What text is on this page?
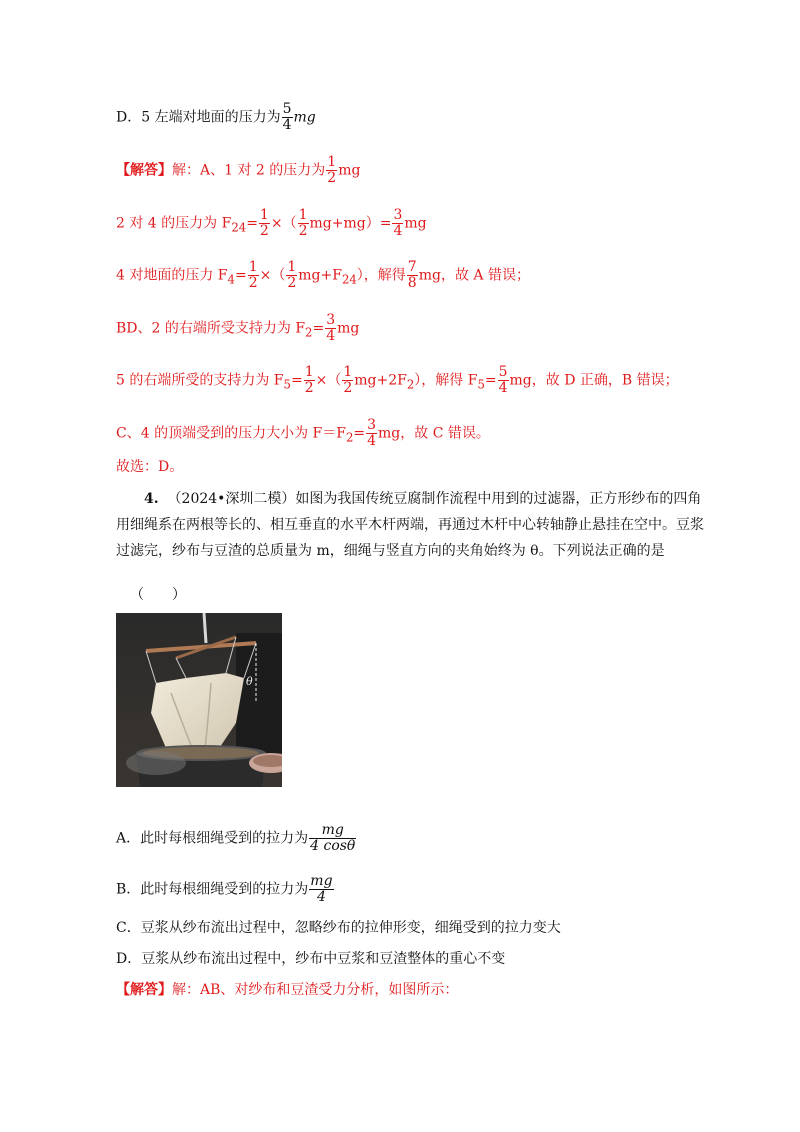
D．5 左端对地面的压力为 $\frac{5}{4}$ mg
【解答】解：A、1 对 2 的压力为 $\frac{1}{2}$ mg
2 对 4 的压力为 $F_{24}= \frac{1}{2}$ ×（ $\frac{1}{2} mg+mg)= \frac{3}{4}$ mg
4 对地面的压力 $F_4= \frac{1}{2}$ ×（ $\frac{1}{2} mg+F_{24}$），解得 $\frac{7}{8}$ mg，故 A 错误；
BD、2 的右端所受支持力为 $F_2= \frac{3}{4}$ mg
5 的右端所受的支持力为 $F_5= \frac{1}{2}$ ×（ $\frac{1}{2} mg+2F_2$），解得 $F_5= \frac{5}{4}$ mg，故 D 正确，B 错误；
C、4 的顶端受到的压力大小为 $F=F_2= \frac{3}{4}$ mg，故 C 错误。
故选：D。
4. （2024•深圳二模）如图为我国传统豆腐制作流程中用到的过滤器，正方形纱布的四角用细绳系在两根等长的、相互垂直的水平木杆两端，再通过木杆中心转轴静止悬挂在空中。豆浆过滤完，纱布与豆渣的总质量为 m，细绳与竖直方向的夹角始终为 θ。下列说法正确的是
（　　）
θ
A．此时每根细绳受到的拉力为 $\frac{mg}{4 \cos\theta}$
B．此时每根细绳受到的拉力为 $\frac{mg}{4}$
C．豆浆从纱布流出过程中，忽略纱布的拉伸形变，细绳受到的拉力变大
D．豆浆从纱布流出过程中，纱布中豆浆和豆渣整体的重心不变
【解答】解：AB、对纱布和豆渣受力分析，如图所示：
